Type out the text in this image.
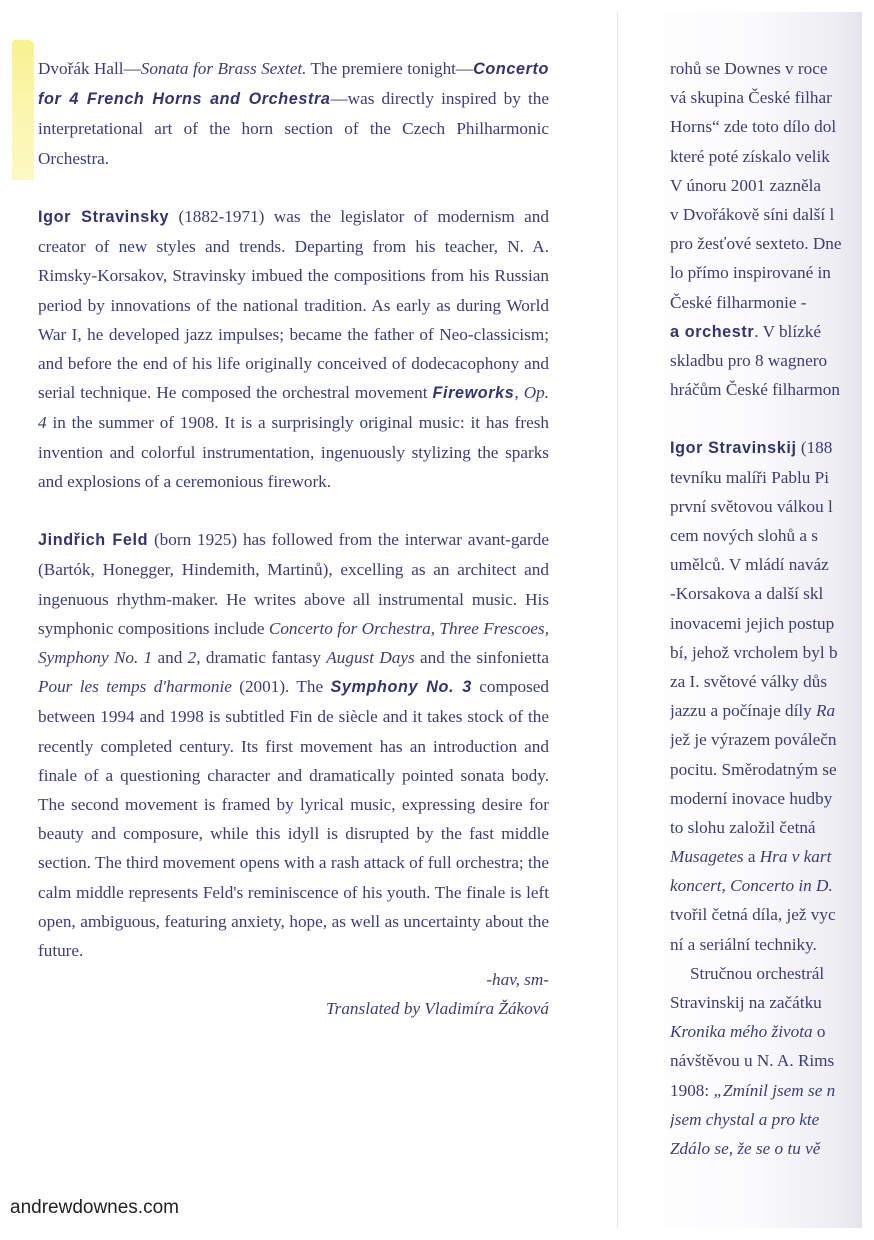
Dvořák Hall—Sonata for Brass Sextet. The premiere tonight—Concerto for 4 French Horns and Orchestra—was directly inspired by the interpretational art of the horn section of the Czech Philharmonic Orchestra.

Igor Stravinsky (1882-1971) was the legislator of modernism and creator of new styles and trends. Departing from his teacher, N. A. Rimsky-Korsakov, Stravinsky imbued the compositions from his Russian period by innovations of the national tradition. As early as during World War I, he developed jazz impulses; became the father of Neo-classicism; and before the end of his life originally conceived of dodecacophony and serial technique. He composed the orchestral movement Fireworks, Op. 4 in the summer of 1908. It is a surprisingly original music: it has fresh invention and colorful instrumentation, ingenuously stylizing the sparks and explosions of a ceremonious firework.

Jindřich Feld (born 1925) has followed from the interwar avant-garde (Bartók, Honegger, Hindemith, Martinů), excelling as an architect and ingenuous rhythm-maker. He writes above all instrumental music. His symphonic compositions include Concerto for Orchestra, Three Frescoes, Symphony No. 1 and 2, dramatic fantasy August Days and the sinfonietta Pour les temps d'harmonie (2001). The Symphony No. 3 composed between 1994 and 1998 is subtitled Fin de siècle and it takes stock of the recently completed century. Its first movement has an introduction and finale of a questioning character and dramatically pointed sonata body. The second movement is framed by lyrical music, expressing desire for beauty and composure, while this idyll is disrupted by the fast middle section. The third movement opens with a rash attack of full orchestra; the calm middle represents Feld's reminiscence of his youth. The finale is left open, ambiguous, featuring anxiety, hope, as well as uncertainty about the future.

-hav, sm-

Translated by Vladimíra Žáková

rohů se Downes v roce
vá skupina České filhar
Horns“ zde toto dílo dol
které poté získalo velik
V únoru 2001 zazněla
v Dvořákově síni další l
pro žesťové sexteto. Dne
lo přímo inspirované in
České filharmonie -
a orchestr. V blízké
skladbu pro 8 wagnero
hráčům České filharmon
Igor Stravinskij (188
tevníku malíři Pablu Pi
první světovou válkou l
cem nových slohů a s
umělců. V mládí naváz
-Korsakova a další skl
inovacemi jejich postup
bí, jehož vrcholem byl b
za I. světové války důs
jazzu a počínaje díly Ra
jež je výrazem povál​ečn
pocitu. Směrodatným se
moderní inovace hudby
to slohu založil četná
Musagetes a Hra v kart
koncert, Concerto in D.
tvořil četná díla, jež vyc
ní a seriální techniky.
Stručnou orchestrál
Stravinskij na začátku
Kronika mého života o
návštěvou u N. A. Rims
1908: „Zmínil jsem se n
jsem chystal a pro kte
Zdálo se, že se o tu vě
andrewdownes.com
